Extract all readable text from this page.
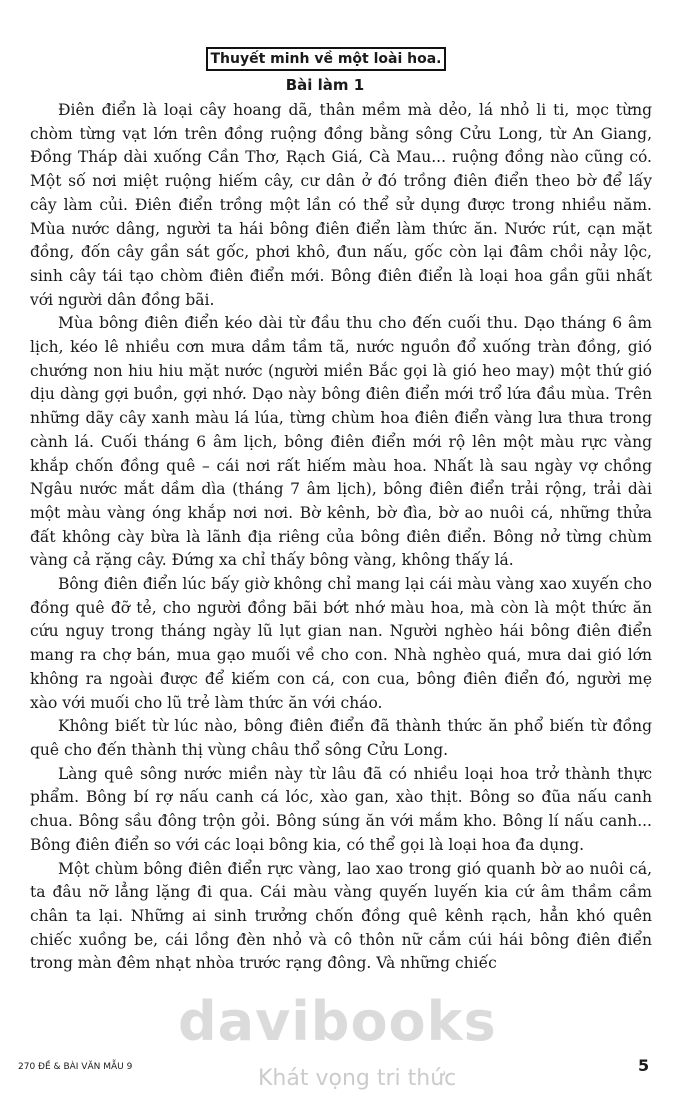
Thuyết minh về một loài hoa.
Bài làm 1

Điên điển là loại cây hoang dã, thân mềm mà dẻo, lá nhỏ li ti, mọc từng chòm từng vạt lớn trên đồng ruộng đồng bằng sông Cửu Long, từ An Giang, Đồng Tháp dài xuống Cần Thơ, Rạch Giá, Cà Mau... ruộng đồng nào cũng có. Một số nơi miệt ruộng hiếm cây, cư dân ở đó trồng điên điển theo bờ để lấy cây làm củi. Điên điển trồng một lần có thể sử dụng được trong nhiều năm. Mùa nước dâng, người ta hái bông điên điển làm thức ăn. Nước rút, cạn mặt đồng, đốn cây gần sát gốc, phơi khô, đun nấu, gốc còn lại đâm chồi nảy lộc, sinh cây tái tạo chòm điên điển mới. Bông điên điển là loại hoa gần gũi nhất với người dân đồng bãi.

Mùa bông điên điển kéo dài từ đầu thu cho đến cuối thu. Dạo tháng 6 âm lịch, kéo lê nhiều cơn mưa dầm tầm tã, nước nguồn đổ xuống tràn đồng, gió chướng non hiu hiu mặt nước (người miền Bắc gọi là gió heo may) một thứ gió dịu dàng gợi buồn, gợi nhớ. Dạo này bông điên điển mới trổ lứa đầu mùa. Trên những dãy cây xanh màu lá lúa, từng chùm hoa điên điển vàng lưa thưa trong cành lá. Cuối tháng 6 âm lịch, bông điên điển mới rộ lên một màu rực vàng khắp chốn đồng quê – cái nơi rất hiếm màu hoa. Nhất là sau ngày vợ chồng Ngâu nước mắt dầm dìa (tháng 7 âm lịch), bông điên điển trải rộng, trải dài một màu vàng óng khắp nơi nơi. Bờ kênh, bờ đìa, bờ ao nuôi cá, những thửa đất không cày bừa là lãnh địa riêng của bông điên điển. Bông nở từng chùm vàng cả rặng cây. Đứng xa chỉ thấy bông vàng, không thấy lá.

Bông điên điển lúc bấy giờ không chỉ mang lại cái màu vàng xao xuyến cho đồng quê đỡ tẻ, cho người đồng bãi bớt nhớ màu hoa, mà còn là một thức ăn cứu nguy trong tháng ngày lũ lụt gian nan. Người nghèo hái bông điên điển mang ra chợ bán, mua gạo muối về cho con. Nhà nghèo quá, mưa dai gió lớn không ra ngoài được để kiếm con cá, con cua, bông điên điển đó, người mẹ xào với muối cho lũ trẻ làm thức ăn với cháo.

Không biết từ lúc nào, bông điên điển đã thành thức ăn phổ biến từ đồng quê cho đến thành thị vùng châu thổ sông Cửu Long.

Làng quê sông nước miền này từ lâu đã có nhiều loại hoa trở thành thực phẩm. Bông bí rợ nấu canh cá lóc, xào gan, xào thịt. Bông so đũa nấu canh chua. Bông sầu đông trộn gỏi. Bông súng ăn với mắm kho. Bông lí nấu canh... Bông điên điển so với các loại bông kia, có thể gọi là loại hoa đa dụng.

Một chùm bông điên điển rực vàng, lao xao trong gió quanh bờ ao nuôi cá, ta đâu nỡ lẳng lặng đi qua. Cái màu vàng quyến luyến kia cứ âm thầm cầm chân ta lại. Những ai sinh trưởng chốn đồng quê kênh rạch, hẳn khó quên chiếc xuồng be, cái lồng đèn nhỏ và cô thôn nữ cắm cúi hái bông điên điển trong màn đêm nhạt nhòa trước rạng đông. Và những chiếc

davibooks
Khát vọng tri thức
270 ĐỀ & BÀI VĂN MẪU 9	5
